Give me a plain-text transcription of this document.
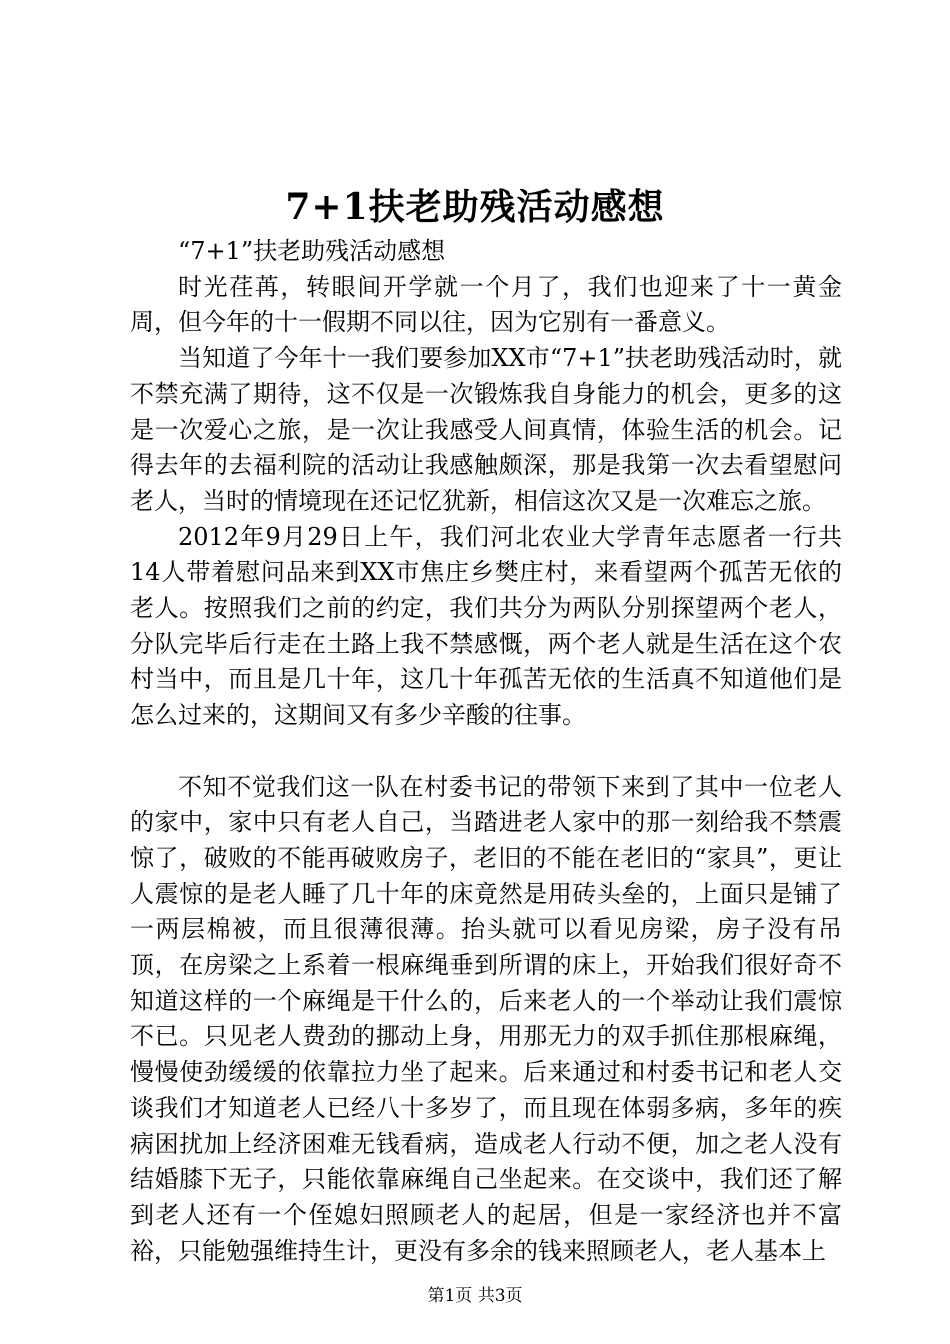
7+1扶老助残活动感想

“7+1”扶老助残活动感想

时光荏苒，转眼间开学就一个月了，我们也迎来了十一黄金周，但今年的十一假期不同以往，因为它别有一番意义。

当知道了今年十一我们要参加XX市“7+1”扶老助残活动时，就不禁充满了期待，这不仅是一次锻炼我自身能力的机会，更多的这是一次爱心之旅，是一次让我感受人间真情，体验生活的机会。记得去年的去福利院的活动让我感触颇深，那是我第一次去看望慰问老人，当时的情境现在还记忆犹新，相信这次又是一次难忘之旅。

2012年9月29日上午，我们河北农业大学青年志愿者一行共14人带着慰问品来到XX市焦庄乡樊庄村，来看望两个孤苦无依的老人。按照我们之前的约定，我们共分为两队分别探望两个老人，分队完毕后行走在土路上我不禁感慨，两个老人就是生活在这个农村当中，而且是几十年，这几十年孤苦无依的生活真不知道他们是怎么过来的，这期间又有多少辛酸的往事。

不知不觉我们这一队在村委书记的带领下来到了其中一位老人的家中，家中只有老人自己，当踏进老人家中的那一刻给我不禁震惊了，破败的不能再破败房子，老旧的不能在老旧的“家具”，更让人震惊的是老人睡了几十年的床竟然是用砖头垒的，上面只是铺了一两层棉被，而且很薄很薄。抬头就可以看见房梁，房子没有吊顶，在房梁之上系着一根麻绳垂到所谓的床上，开始我们很好奇不知道这样的一个麻绳是干什么的，后来老人的一个举动让我们震惊不已。只见老人费劲的挪动上身，用那无力的双手抓住那根麻绳，慢慢使劲缓缓的依靠拉力坐了起来。后来通过和村委书记和老人交谈我们才知道老人已经八十多岁了，而且现在体弱多病，多年的疾病困扰加上经济困难无钱看病，造成老人行动不便，加之老人没有结婚膝下无子，只能依靠麻绳自己坐起来。在交谈中，我们还了解到老人还有一个侄媳妇照顾老人的起居，但是一家经济也并不富裕，只能勉强维持生计，更没有多余的钱来照顾老人，老人基本上

第1页 共3页
